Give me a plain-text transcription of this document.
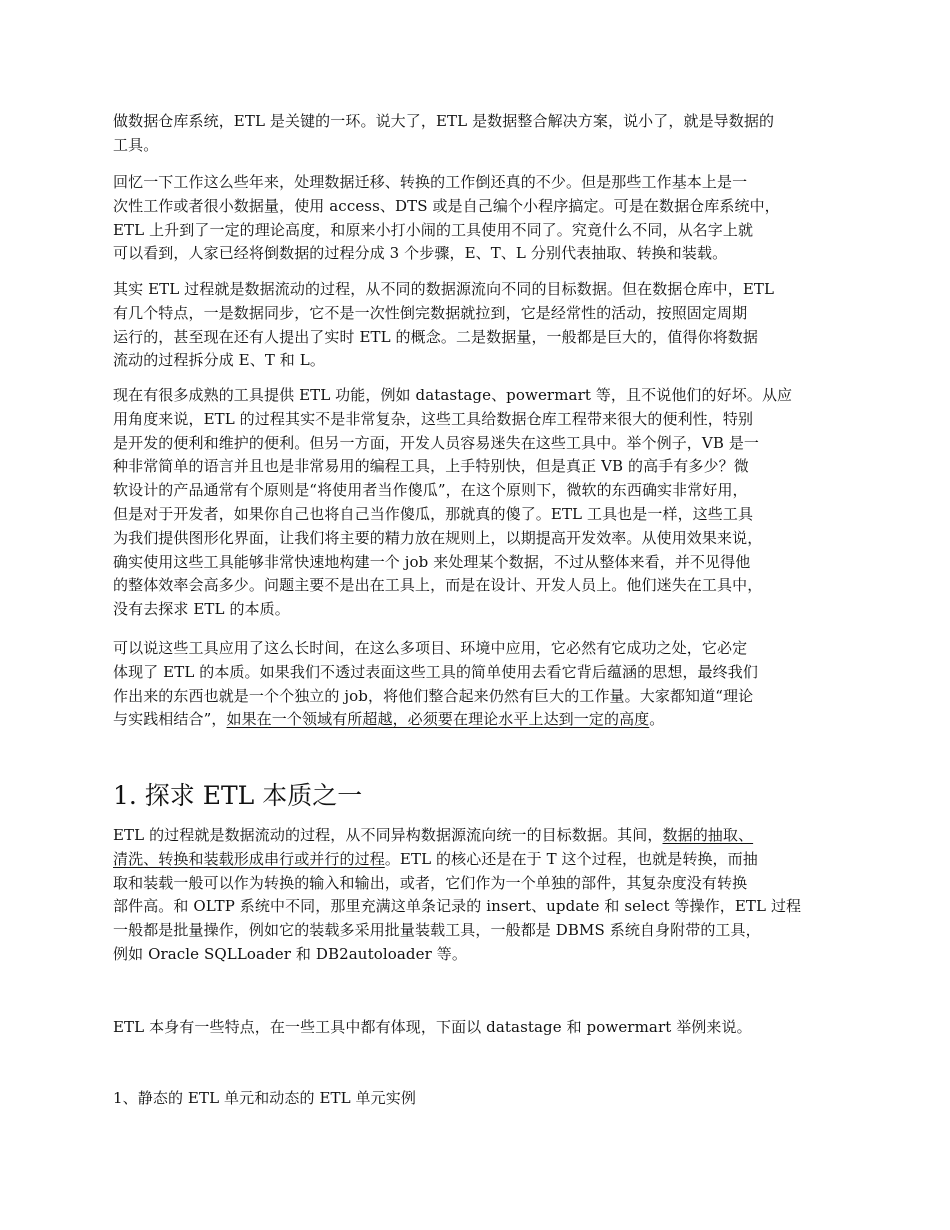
做数据仓库系统，ETL 是关键的一环。说大了，ETL 是数据整合解决方案，说小了，就是导数据的
工具。
回忆一下工作这么些年来，处理数据迁移、转换的工作倒还真的不少。但是那些工作基本上是一
次性工作或者很小数据量，使用 access、DTS 或是自己编个小程序搞定。可是在数据仓库系统中，
ETL 上升到了一定的理论高度，和原来小打小闹的工具使用不同了。究竟什么不同，从名字上就
可以看到，人家已经将倒数据的过程分成 3 个步骤，E、T、L 分别代表抽取、转换和装载。
其实 ETL 过程就是数据流动的过程，从不同的数据源流向不同的目标数据。但在数据仓库中，ETL
有几个特点，一是数据同步，它不是一次性倒完数据就拉到，它是经常性的活动，按照固定周期
运行的，甚至现在还有人提出了实时 ETL 的概念。二是数据量，一般都是巨大的，值得你将数据
流动的过程拆分成 E、T 和 L。
现在有很多成熟的工具提供 ETL 功能，例如 datastage、powermart 等，且不说他们的好坏。从应
用角度来说，ETL 的过程其实不是非常复杂，这些工具给数据仓库工程带来很大的便利性，特别
是开发的便利和维护的便利。但另一方面，开发人员容易迷失在这些工具中。举个例子，VB 是一
种非常简单的语言并且也是非常易用的编程工具，上手特别快，但是真正 VB 的高手有多少？微
软设计的产品通常有个原则是“将使用者当作傻瓜”，在这个原则下，微软的东西确实非常好用，
但是对于开发者，如果你自己也将自己当作傻瓜，那就真的傻了。ETL 工具也是一样，这些工具
为我们提供图形化界面，让我们将主要的精力放在规则上，以期提高开发效率。从使用效果来说，
确实使用这些工具能够非常快速地构建一个 job 来处理某个数据，不过从整体来看，并不见得他
的整体效率会高多少。问题主要不是出在工具上，而是在设计、开发人员上。他们迷失在工具中，
没有去探求 ETL 的本质。
可以说这些工具应用了这么长时间，在这么多项目、环境中应用，它必然有它成功之处，它必定
体现了 ETL 的本质。如果我们不透过表面这些工具的简单使用去看它背后蕴涵的思想，最终我们
作出来的东西也就是一个个独立的 job，将他们整合起来仍然有巨大的工作量。大家都知道“理论
与实践相结合”，如果在一个领域有所超越，必须要在理论水平上达到一定的高度。
1. 探求 ETL 本质之一
ETL 的过程就是数据流动的过程，从不同异构数据源流向统一的目标数据。其间，数据的抽取、
清洗、转换和装载形成串行或并行的过程。ETL 的核心还是在于 T 这个过程，也就是转换，而抽
取和装载一般可以作为转换的输入和输出，或者，它们作为一个单独的部件，其复杂度没有转换
部件高。和 OLTP 系统中不同，那里充满这单条记录的 insert、update 和 select 等操作，ETL 过程
一般都是批量操作，例如它的装载多采用批量装载工具，一般都是 DBMS 系统自身附带的工具，
例如 Oracle SQLLoader 和 DB2autoloader 等。
ETL 本身有一些特点，在一些工具中都有体现，下面以 datastage 和 powermart 举例来说。
1、静态的 ETL 单元和动态的 ETL 单元实例
